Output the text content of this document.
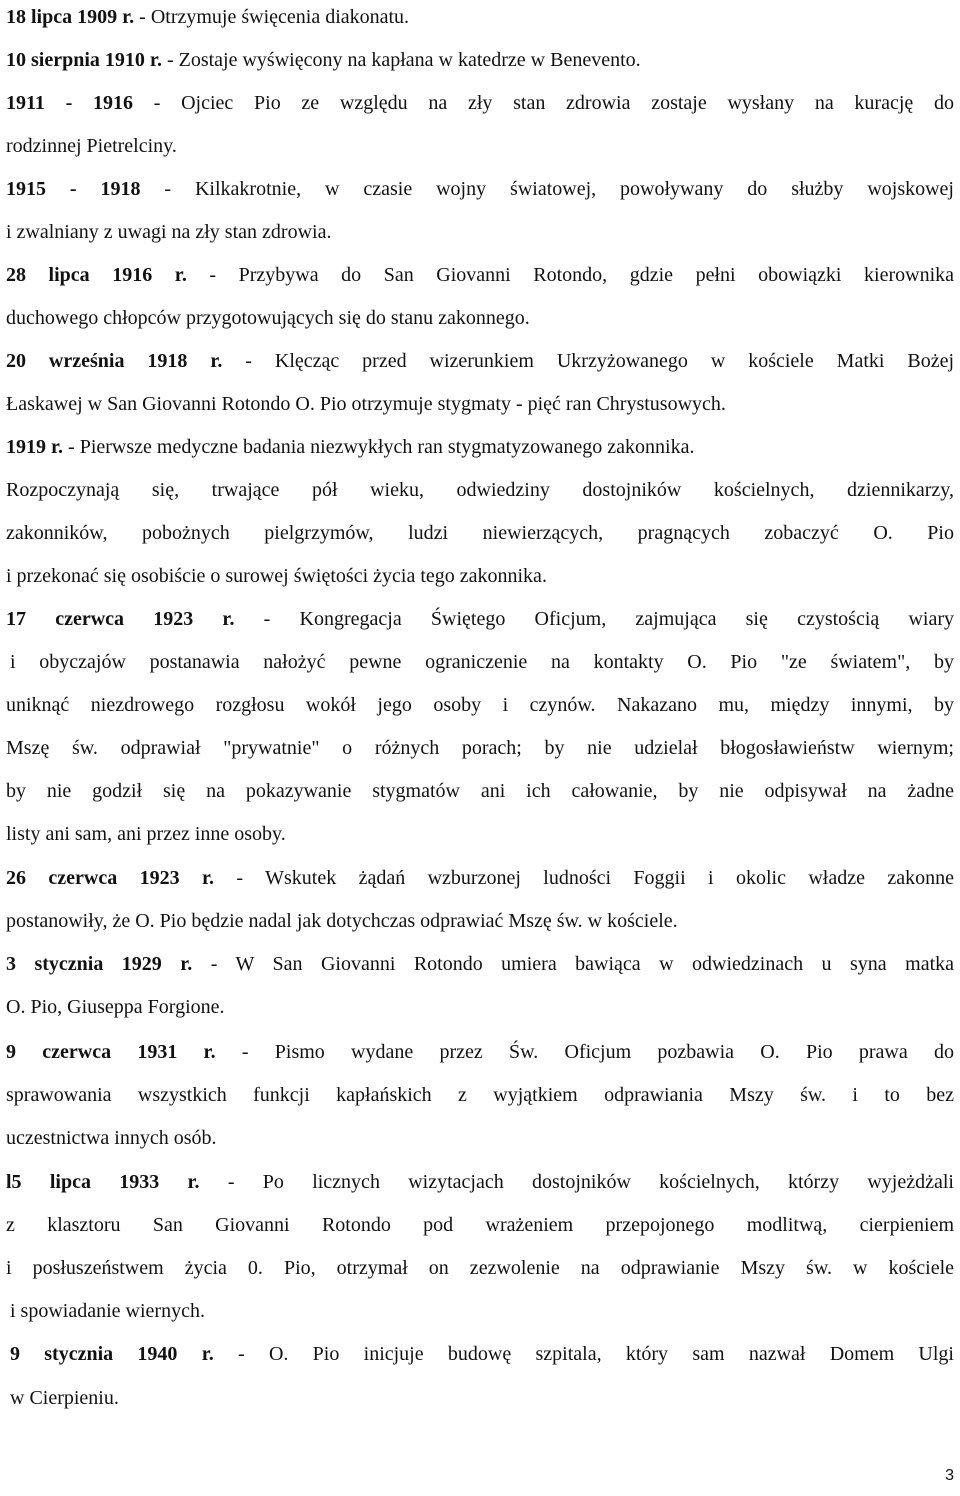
18 lipca 1909 r. - Otrzymuje święcenia diakonatu.
10 sierpnia 1910 r. - Zostaje wyświęcony na kapłana w katedrze w Benevento.
1911 - 1916 - Ojciec Pio ze względu na zły stan zdrowia zostaje wysłany na kurację do
rodzinnej Pietrelciny.
1915 - 1918 - Kilkakrotnie, w czasie wojny światowej, powoływany do służby wojskowej
i zwalniany z uwagi na zły stan zdrowia.
28 lipca 1916 r. - Przybywa do San Giovanni Rotondo, gdzie pełni obowiązki kierownika
duchowego chłopców przygotowujących się do stanu zakonnego.
20 września 1918 r. - Klęcząc przed wizerunkiem Ukrzyżowanego w kościele Matki Bożej
Łaskawej w San Giovanni Rotondo O. Pio otrzymuje stygmaty - pięć ran Chrystusowych.
1919 r. - Pierwsze medyczne badania niezwykłych ran stygmatyzowanego zakonnika.
Rozpoczynają się, trwające pół wieku, odwiedziny dostojników kościelnych, dziennikarzy,
zakonników, pobożnych pielgrzymów, ludzi niewierzących, pragnących zobaczyć O. Pio
i przekonać się osobiście o surowej świętości życia tego zakonnika.
17 czerwca 1923 r. - Kongregacja Świętego Oficjum, zajmująca się czystością wiary
i obyczajów postanawia nałożyć pewne ograniczenie na kontakty O. Pio "ze światem", by
uniknąć niezdrowego rozgłosu wokół jego osoby i czynów. Nakazano mu, między innymi, by
Mszę św. odprawiał "prywatnie" o różnych porach; by nie udzielał błogosławieństw wiernym;
by nie godził się na pokazywanie stygmatów ani ich całowanie, by nie odpisywał na żadne
listy ani sam, ani przez inne osoby.
26 czerwca 1923 r. - Wskutek żądań wzburzonej ludności Foggii i okolic władze zakonne
postanowiły, że O. Pio będzie nadal jak dotychczas odprawiać Mszę św. w kościele.
3 stycznia 1929 r. - W San Giovanni Rotondo umiera bawiąca w odwiedzinach u syna matka
O. Pio, Giuseppa Forgione.
9 czerwca 1931 r. - Pismo wydane przez Św. Oficjum pozbawia O. Pio prawa do
sprawowania wszystkich funkcji kapłańskich z wyjątkiem odprawiania Mszy św. i to bez
uczestnictwa innych osób.
l5 lipca 1933 r. - Po licznych wizytacjach dostojników kościelnych, którzy wyjeżdżali
z klasztoru San Giovanni Rotondo pod wrażeniem przepojonego modlitwą, cierpieniem
i posłuszeństwem życia 0. Pio, otrzymał on zezwolenie na odprawianie Mszy św. w kościele
i spowiadanie wiernych.
9 stycznia 1940 r. - O. Pio inicjuje budowę szpitala, który sam nazwał Domem Ulgi
w Cierpieniu.
3
